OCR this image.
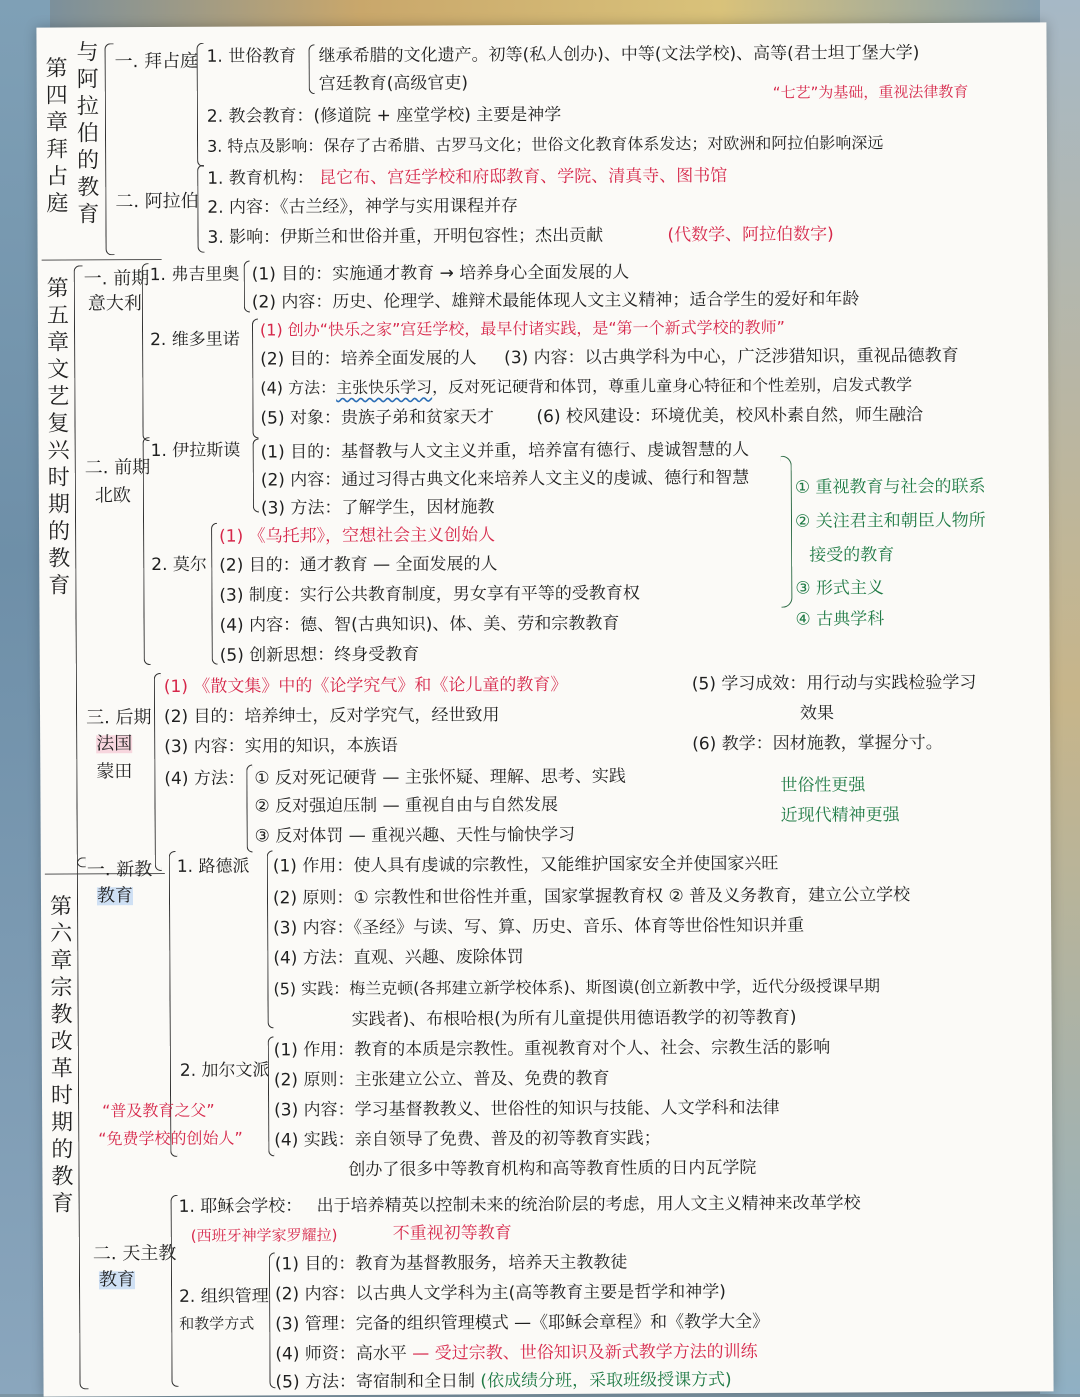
第
四
章
拜
占
庭
与
阿
拉
伯
的
教
育
一. 拜占庭 1. 世俗教育 继承希腊的文化遗产。初等(私人创办)、中等(文法学校)、高等(君士坦丁堡大学)
宫廷教育(高级官吏)	“七艺”为基础，重视法律教育
2. 教会教育：(修道院 + 座堂学校) 主要是神学
3. 特点及影响：保存了古希腊、古罗马文化；世俗文化教育体系发达；对欧洲和阿拉伯影响深远
二. 阿拉伯
1. 教育机构： 昆它布、宫廷学校和府邸教育、学院、清真寺、图书馆
2. 内容：《古兰经》，神学与实用课程并存
3. 影响：伊斯兰和世俗并重，开明包容性；杰出贡献	(代数学、阿拉伯数字)
第
五
章
文
艺
复
兴
时
期
的
教
育
一. 前期
意大利
1. 弗吉里奥 (1) 目的：实施通才教育 → 培养身心全面发展的人
(2) 内容：历史、伦理学、雄辩术最能体现人文主义精神；适合学生的爱好和年龄
2. 维多里诺
(1) 创办“快乐之家”宫廷学校，最早付诸实践，是“第一个新式学校的教师”
(2) 目的：培养全面发展的人 (3) 内容：以古典学科为中心，广泛涉猎知识，重视品德教育
(4) 方法：主张快乐学习，反对死记硬背和体罚，尊重儿童身心特征和个性差别，启发式教学
(5) 对象：贵族子弟和贫家天才 (6) 校风建设：环境优美，校风朴素自然，师生融洽
二. 前期
北欧
1. 伊拉斯谟 (1) 目的：基督教与人文主义并重，培养富有德行、虔诚智慧的人
(2) 内容：通过习得古典文化来培养人文主义的虔诚、德行和智慧
(3) 方法：了解学生，因材施教
2. 莫尔
(1) 《乌托邦》，空想社会主义创始人
(2) 目的：通才教育 — 全面发展的人
(3) 制度：实行公共教育制度，男女享有平等的受教育权
(4) 内容：德、智(古典知识)、体、美、劳和宗教教育
(5) 创新思想：终身受教育
① 重视教育与社会的联系
② 关注君主和朝臣人物所
接受的教育
③ 形式主义
④ 古典学科
三. 后期
法国
蒙田
(1) 《散文集》中的《论学究气》和《论儿童的教育》
(2) 目的：培养绅士，反对学究气，经世致用
(3) 内容：实用的知识，本族语
(4) 方法： ① 反对死记硬背 — 主张怀疑、理解、思考、实践
② 反对强迫压制 — 重视自由与自然发展
③ 反对体罚 — 重视兴趣、天性与愉快学习
(5) 学习成效：用行动与实践检验学习
效果
(6) 教学：因材施教，掌握分寸。
世俗性更强
近现代精神更强
第
六
章
宗
教
改
革
时
期
的
教
育
一. 新教
教育
1. 路德派 (1) 作用：使人具有虔诚的宗教性，又能维护国家安全并使国家兴旺
(2) 原则：① 宗教性和世俗性并重，国家掌握教育权 ② 普及义务教育，建立公立学校
(3) 内容：《圣经》与读、写、算、历史、音乐、体育等世俗性知识并重
(4) 方法：直观、兴趣、废除体罚
(5) 实践：梅兰克顿(各邦建立新学校体系)、斯图谟(创立新教中学，近代分级授课早期
实践者)、布根哈根(为所有儿童提供用德语教学的初等教育)
2. 加尔文派
“普及教育之父”
“免费学校的创始人”
(1) 作用：教育的本质是宗教性。重视教育对个人、社会、宗教生活的影响
(2) 原则：主张建立公立、普及、免费的教育
(3) 内容：学习基督教教义、世俗性的知识与技能、人文学科和法律
(4) 实践：亲自领导了免费、普及的初等教育实践；
创办了很多中等教育机构和高等教育性质的日内瓦学院
二. 天主教
教育
1. 耶稣会学校： 出于培养精英以控制未来的统治阶层的考虑，用人文主义精神来改革学校
(西班牙神学家罗耀拉)	不重视初等教育
2. 组织管理
和教学方式
(1) 目的：教育为基督教服务，培养天主教教徒
(2) 内容：以古典人文学科为主(高等教育主要是哲学和神学)
(3) 管理：完备的组织管理模式 —《耶稣会章程》和《教学大全》
(4) 师资：高水平 — 受过宗教、世俗知识及新式教学方法的训练
(5) 方法：寄宿制和全日制 (依成绩分班，采取班级授课方式)
